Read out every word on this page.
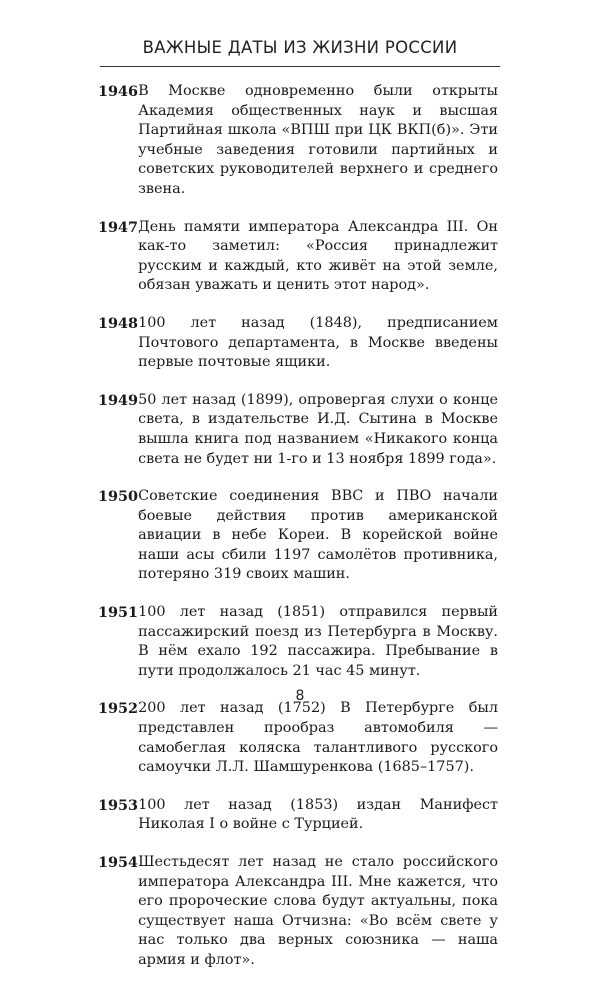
ВАЖНЫЕ ДАТЫ ИЗ ЖИЗНИ РОССИИ
1946 В Москве одновременно были открыты Академия общественных наук и высшая Партийная школа «ВПШ при ЦК ВКП(б)». Эти учебные заведения готовили партийных и советских руководителей верхнего и среднего звена.

1947 День памяти императора Александра III. Он как-то заметил: «Россия принадлежит русским и каждый, кто живёт на этой земле, обязан уважать и ценить этот народ».

1948 100 лет назад (1848), предписанием Почтового департамента, в Москве введены первые почтовые ящики.

1949 50 лет назад (1899), опровергая слухи о конце света, в издательстве И.Д. Сытина в Москве вышла книга под названием «Никакого конца света не будет ни 1-го и 13 ноября 1899 года».

1950 Советские соединения ВВС и ПВО начали боевые действия против американской авиации в небе Кореи. В корейской войне наши асы сбили 1197 самолётов противника, потеряно 319 своих машин.

1951 100 лет назад (1851) отправился первый пассажирский поезд из Петербурга в Москву. В нём ехало 192 пассажира. Пребывание в пути продолжалось 21 час 45 минут.

1952 200 лет назад (1752) В Петербурге был представлен прообраз автомобиля — самобеглая коляска талантливого русского самоучки Л.Л. Шамшуренкова (1685–1757).

1953 100 лет назад (1853) издан Манифест Николая I о войне с Турцией.

1954 Шестьдесят лет назад не стало российского императора Александра III. Мне кажется, что его пророческие слова будут актуальны, пока существует наша Отчизна: «Во всём свете у нас только два верных союзника — наша армия и флот».

8
